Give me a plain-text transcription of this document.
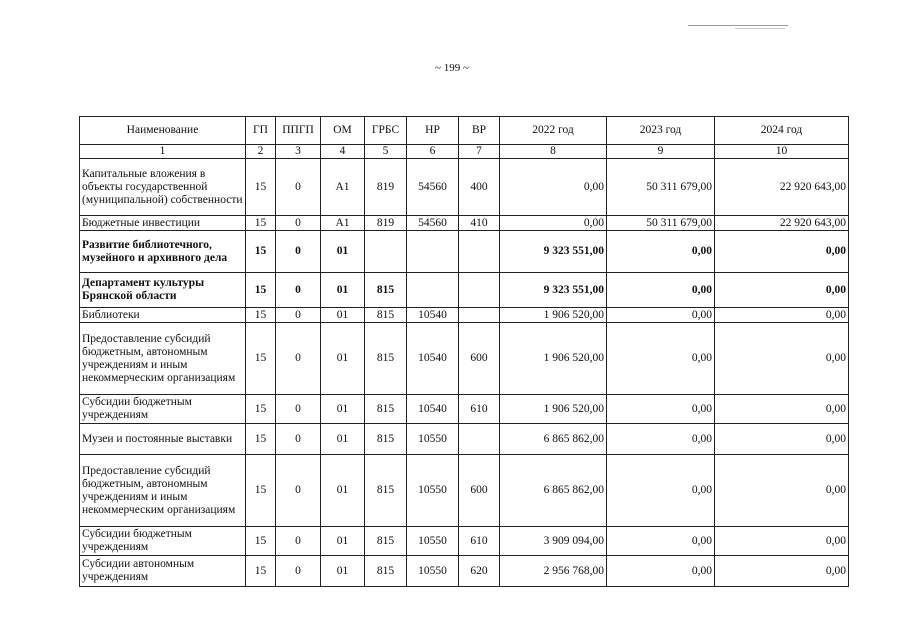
~ 199 ~
Наименование	ГП	ППГП	ОМ	ГРБС	НР	ВР	2022 год	2023 год	2024 год
1	2	3	4	5	6	7	8	9	10
Капитальные вложения в объекты государственной (муниципальной) собственности	15	0	А1	819	54560	400	0,00	50 311 679,00	22 920 643,00
Бюджетные инвестиции	15	0	А1	819	54560	410	0,00	50 311 679,00	22 920 643,00
Развитие библиотечного, музейного и архивного дела	15	0	01				9 323 551,00	0,00	0,00
Департамент культуры Брянской области	15	0	01	815			9 323 551,00	0,00	0,00
Библиотеки	15	0	01	815	10540		1 906 520,00	0,00	0,00
Предоставление субсидий бюджетным, автономным учреждениям и иным некоммерческим организациям	15	0	01	815	10540	600	1 906 520,00	0,00	0,00
Субсидии бюджетным учреждениям	15	0	01	815	10540	610	1 906 520,00	0,00	0,00
Музеи и постоянные выставки	15	0	01	815	10550		6 865 862,00	0,00	0,00
Предоставление субсидий бюджетным, автономным учреждениям и иным некоммерческим организациям	15	0	01	815	10550	600	6 865 862,00	0,00	0,00
Субсидии бюджетным учреждениям	15	0	01	815	10550	610	3 909 094,00	0,00	0,00
Субсидии автономным учреждениям	15	0	01	815	10550	620	2 956 768,00	0,00	0,00
